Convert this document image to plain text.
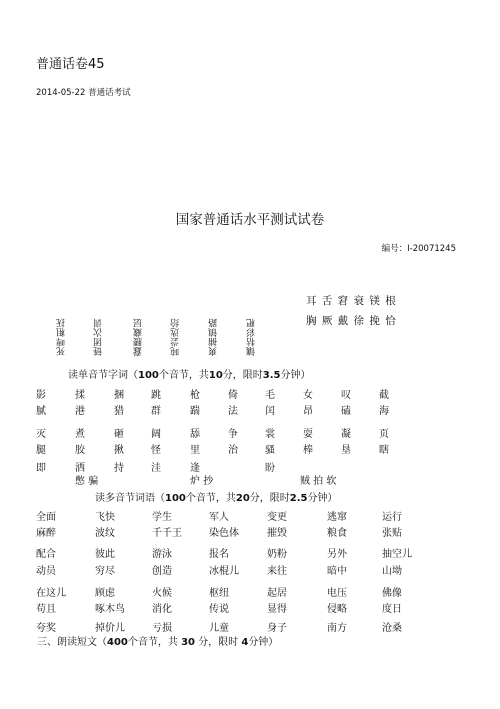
普通话卷45
2014-05-22 普通话考试
国家普通话水平测试试卷
编号：I-20071245
耳 舌 窘 衰 镁 根
胸 厥 戴 徐 挽 恰
死啤粗抚	链团次训	蠢腰藏层	吨尝选给	爽捕镇路	镶牯彩粑
读单音节字词（100个音节，共10分，限时3.5分钟）
影	揉	捆	跳	枪	倚	毛	女	叹	截
腻	港	猎	群	踹	法	闰	昂	磕	海
灭	煮	砸	阔	舔	争	裳	耍	凝	页
腿	胶	揪	怪	里	治	骚	棒	垦	瞎
即	洒	持	洼	逢	盼
憋 骗	炉 抄	贼 拍 软
读多音节词语（100个音节，共20分，限时2.5分钟）
全面	飞快	学生	军人	变更	逃窜	运行
麻醉	波纹	千千王	染色体	摧毁	粮食	张贴
配合	彼此	游泳	报名	奶粉	另外	抽空儿
动员	穷尽	创造	冰棍儿	来往	暗中	山坳
在这儿	顾虑	火候	枢纽	起居	电压	佛像
苟且	啄木鸟	消化	传说	显得	侵略	度日
夸奖	掉价儿	亏损	儿童	身子	南方	沧桑
三、朗读短文（400个音节，共 30 分，限时 4分钟）
